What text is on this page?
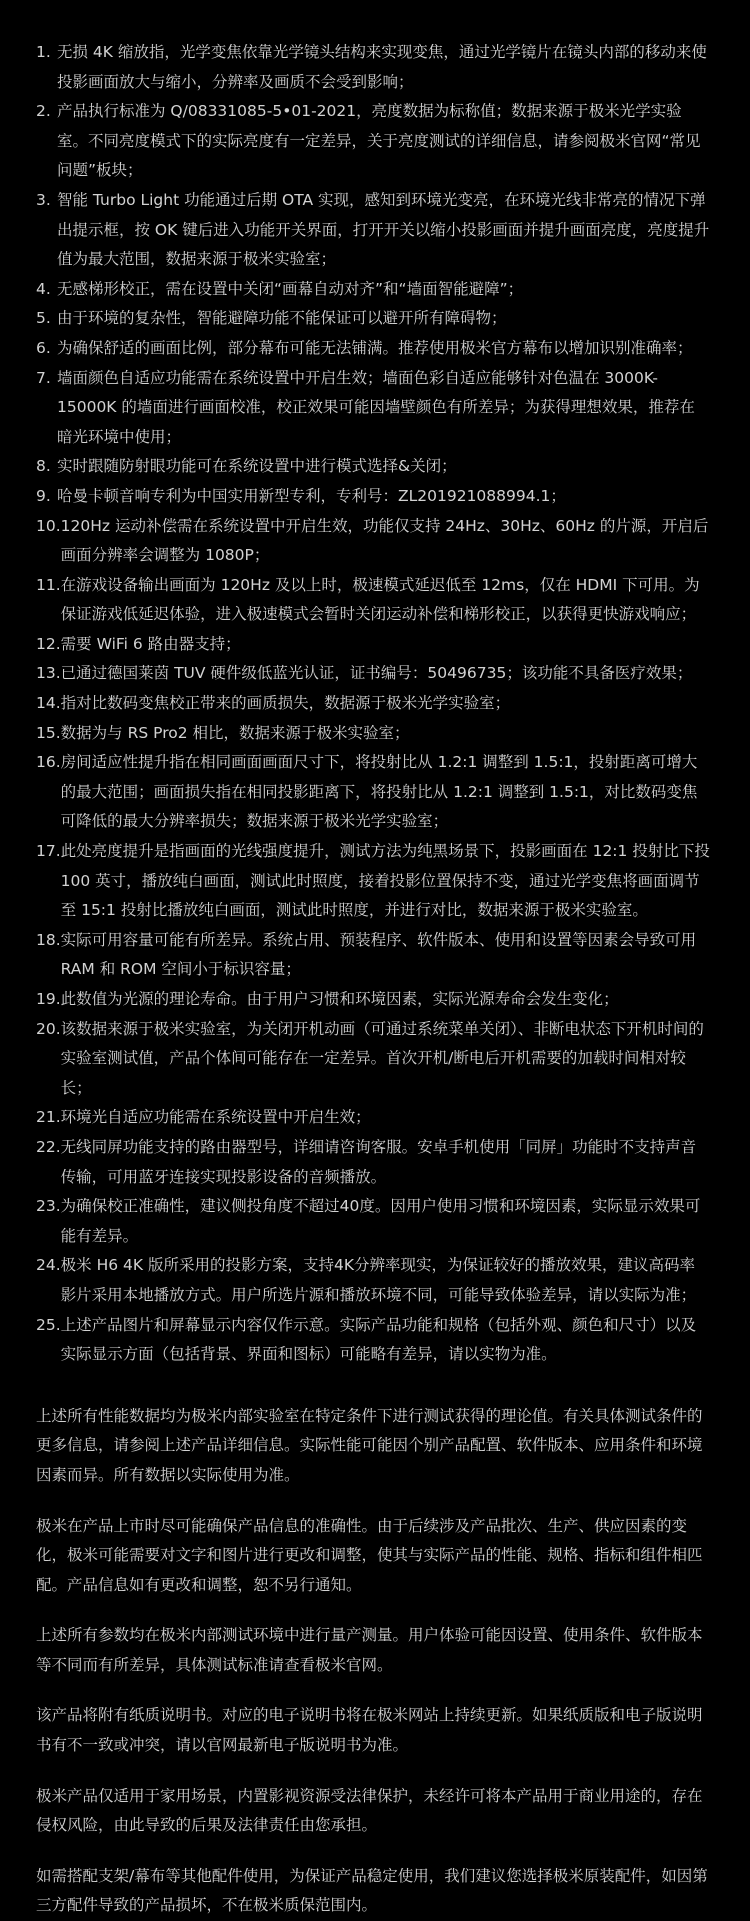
1. 无损 4K 缩放指，光学变焦依靠光学镜头结构来实现变焦，通过光学镜片在镜头内部的移动来使投影画面放大与缩小，分辨率及画质不会受到影响；
2. 产品执行标准为 Q/08331085-5•01-2021，亮度数据为标称值；数据来源于极米光学实验室。不同亮度模式下的实际亮度有一定差异，关于亮度测试的详细信息，请参阅极米官网“常见问题”板块；
3. 智能 Turbo Light 功能通过后期 OTA 实现，感知到环境光变亮，在环境光线非常亮的情况下弹出提示框，按 OK 键后进入功能开关界面，打开开关以缩小投影画面并提升画面亮度，亮度提升值为最大范围，数据来源于极米实验室；
4. 无感梯形校正，需在设置中关闭“画幕自动对齐”和“墙面智能避障”；
5. 由于环境的复杂性，智能避障功能不能保证可以避开所有障碍物；
6. 为确保舒适的画面比例，部分幕布可能无法铺满。推荐使用极米官方幕布以增加识别准确率；
7. 墙面颜色自适应功能需在系统设置中开启生效；墙面色彩自适应能够针对色温在 3000K-15000K 的墙面进行画面校准，校正效果可能因墙壁颜色有所差异；为获得理想效果，推荐在暗光环境中使用；
8. 实时跟随防射眼功能可在系统设置中进行模式选择&关闭；
9. 哈曼卡顿音响专利为中国实用新型专利，专利号：ZL201921088994.1；
10. 120Hz 运动补偿需在系统设置中开启生效，功能仅支持 24Hz、30Hz、60Hz 的片源，开启后画面分辨率会调整为 1080P；
11. 在游戏设备输出画面为 120Hz 及以上时，极速模式延迟低至 12ms，仅在 HDMI 下可用。为保证游戏低延迟体验，进入极速模式会暂时关闭运动补偿和梯形校正，以获得更快游戏响应；
12. 需要 WiFi 6 路由器支持；
13. 已通过德国莱茵 TUV 硬件级低蓝光认证，证书编号：50496735；该功能不具备医疗效果；
14. 指对比数码变焦校正带来的画质损失，数据源于极米光学实验室；
15. 数据为与 RS Pro2 相比，数据来源于极米实验室；
16. 房间适应性提升指在相同画面画面尺寸下，将投射比从 1.2:1 调整到 1.5:1，投射距离可增大的最大范围；画面损失指在相同投影距离下，将投射比从 1.2:1 调整到 1.5:1，对比数码变焦可降低的最大分辨率损失；数据来源于极米光学实验室；
17. 此处亮度提升是指画面的光线强度提升，测试方法为纯黑场景下，投影画面在 12:1 投射比下投 100 英寸，播放纯白画面，测试此时照度，接着投影位置保持不变，通过光学变焦将画面调节至 15:1 投射比播放纯白画面，测试此时照度，并进行对比，数据来源于极米实验室。
18. 实际可用容量可能有所差异。系统占用、预装程序、软件版本、使用和设置等因素会导致可用 RAM 和 ROM 空间小于标识容量；
19. 此数值为光源的理论寿命。由于用户习惯和环境因素，实际光源寿命会发生变化；
20. 该数据来源于极米实验室，为关闭开机动画（可通过系统菜单关闭）、非断电状态下开机时间的实验室测试值，产品个体间可能存在一定差异。首次开机/断电后开机需要的加载时间相对较长；
21. 环境光自适应功能需在系统设置中开启生效；
22. 无线同屏功能支持的路由器型号，详细请咨询客服。安卓手机使用「同屏」功能时不支持声音传输，可用蓝牙连接实现投影设备的音频播放。
23. 为确保校正准确性，建议侧投角度不超过40度。因用户使用习惯和环境因素，实际显示效果可能有差异。
24. 极米 H6 4K 版所采用的投影方案，支持4K分辨率现实，为保证较好的播放效果，建议高码率影片采用本地播放方式。用户所选片源和播放环境不同，可能导致体验差异，请以实际为准；
25. 上述产品图片和屏幕显示内容仅作示意。实际产品功能和规格（包括外观、颜色和尺寸）以及实际显示方面（包括背景、界面和图标）可能略有差异，请以实物为准。

上述所有性能数据均为极米内部实验室在特定条件下进行测试获得的理论值。有关具体测试条件的更多信息，请参阅上述产品详细信息。实际性能可能因个别产品配置、软件版本、应用条件和环境因素而异。所有数据以实际使用为准。

极米在产品上市时尽可能确保产品信息的准确性。由于后续涉及产品批次、生产、供应因素的变化，极米可能需要对文字和图片进行更改和调整，使其与实际产品的性能、规格、指标和组件相匹配。产品信息如有更改和调整，恕不另行通知。

上述所有参数均在极米内部测试环境中进行量产测量。用户体验可能因设置、使用条件、软件版本等不同而有所差异，具体测试标准请查看极米官网。

该产品将附有纸质说明书。对应的电子说明书将在极米网站上持续更新。如果纸质版和电子版说明书有不一致或冲突，请以官网最新电子版说明书为准。

极米产品仅适用于家用场景，内置影视资源受法律保护，未经许可将本产品用于商业用途的，存在侵权风险，由此导致的后果及法律责任由您承担。

如需搭配支架/幕布等其他配件使用，为保证产品稳定使用，我们建议您选择极米原装配件，如因第三方配件导致的产品损坏，不在极米质保范围内。
